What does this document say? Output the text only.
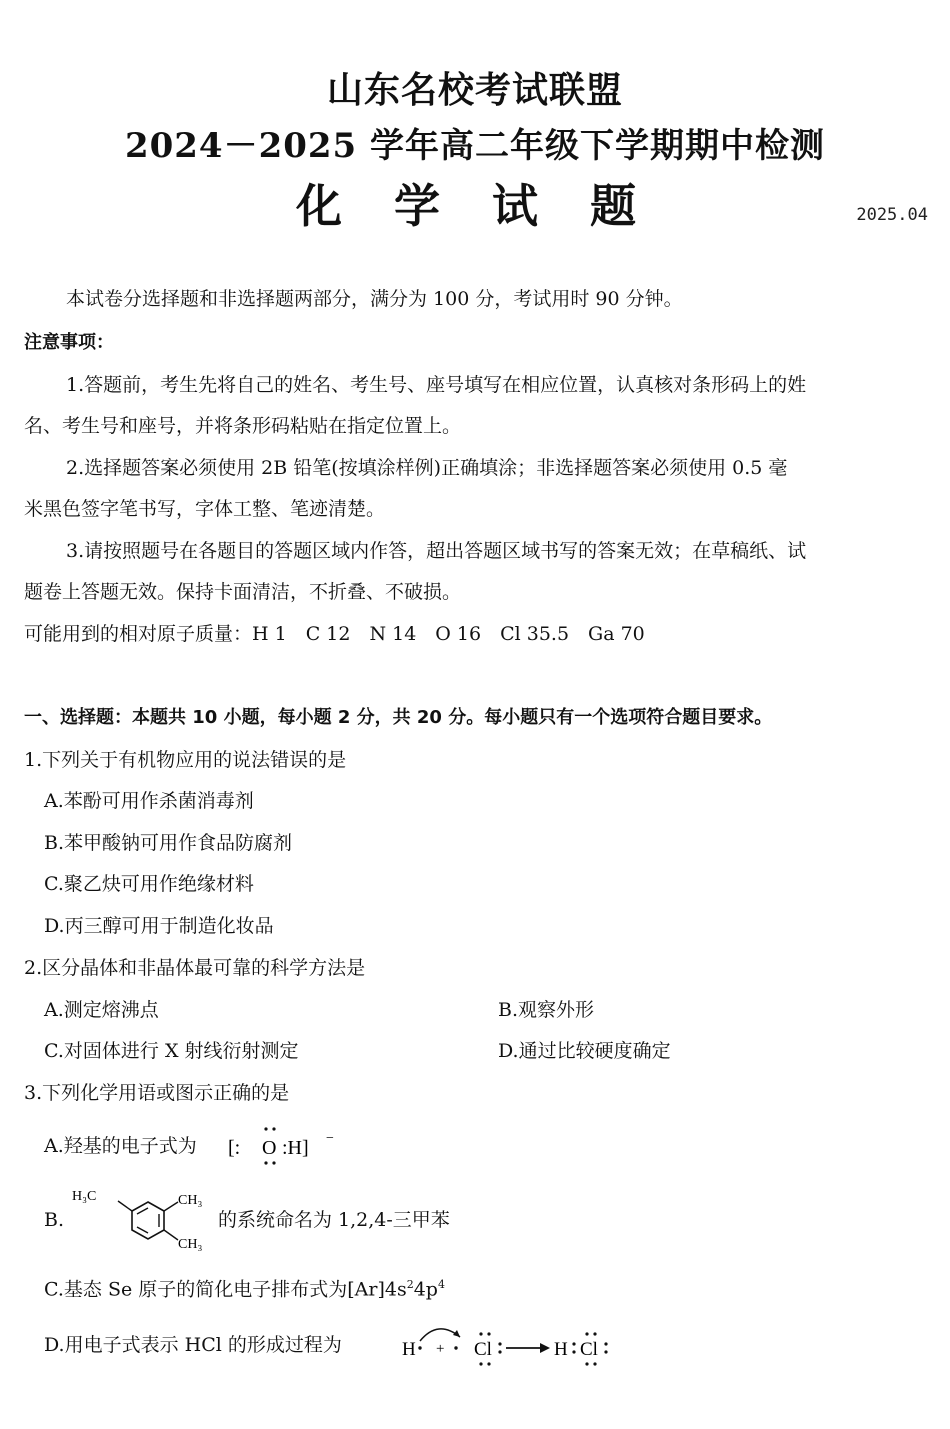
山东名校考试联盟
2024－2025 学年高二年级下学期期中检测
化 学 试 题	2025.04
本试卷分选择题和非选择题两部分，满分为 100 分，考试用时 90 分钟。
注意事项：
1.答题前，考生先将自己的姓名、考生号、座号填写在相应位置，认真核对条形码上的姓
名、考生号和座号，并将条形码粘贴在指定位置上。
2.选择题答案必须使用 2B 铅笔(按填涂样例)正确填涂；非选择题答案必须使用 0.5 毫
米黑色签字笔书写，字体工整、笔迹清楚。
3.请按照题号在各题目的答题区域内作答，超出答题区域书写的答案无效；在草稿纸、试
题卷上答题无效。保持卡面清洁，不折叠、不破损。
可能用到的相对原子质量：H 1　C 12　N 14　O 16　Cl 35.5　Ga 70
一、选择题：本题共 10 小题，每小题 2 分，共 20 分。每小题只有一个选项符合题目要求。
1.下列关于有机物应用的说法错误的是
A.苯酚可用作杀菌消毒剂
B.苯甲酸钠可用作食品防腐剂
C.聚乙炔可用作绝缘材料
D.丙三醇可用于制造化妆品
2.区分晶体和非晶体最可靠的科学方法是
A.测定熔沸点	B.观察外形
C.对固体进行 X 射线衍射测定	D.通过比较硬度确定
3.下列化学用语或图示正确的是
A.羟基的电子式为 [: O :H] −
B.
H₃C	CH₃
CH₃
的系统命名为 1,2,4-三甲苯
C.基态 Se 原子的简化电子排布式为$[Ar]4s^24p^4$
D.用电子式表示 HCl 的形成过程为	H + Cl	H Cl
